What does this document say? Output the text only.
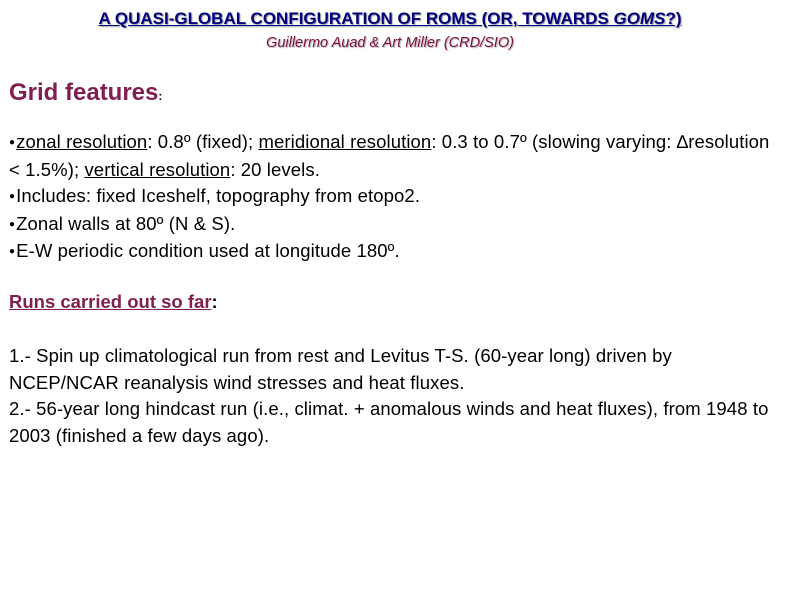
A QUASI-GLOBAL CONFIGURATION OF ROMS (OR, TOWARDS GOMS?)

Guillermo Auad & Art Miller (CRD/SIO)

Grid features:
●zonal resolution: 0.8º (fixed); meridional resolution: 0.3 to 0.7º (slowing varying: ∆resolution < 1.5%); vertical resolution: 20 levels.
●Includes: fixed Iceshelf, topography from etopo2.
●Zonal walls at 80º (N & S).
●E-W periodic condition used at longitude 180º.
Runs carried out so far:
1.- Spin up climatological run from rest and Levitus T-S. (60-year long) driven by NCEP/NCAR reanalysis wind stresses and heat fluxes.
2.- 56-year long hindcast run (i.e., climat. + anomalous winds and heat fluxes), from 1948 to 2003 (finished a few days ago).
